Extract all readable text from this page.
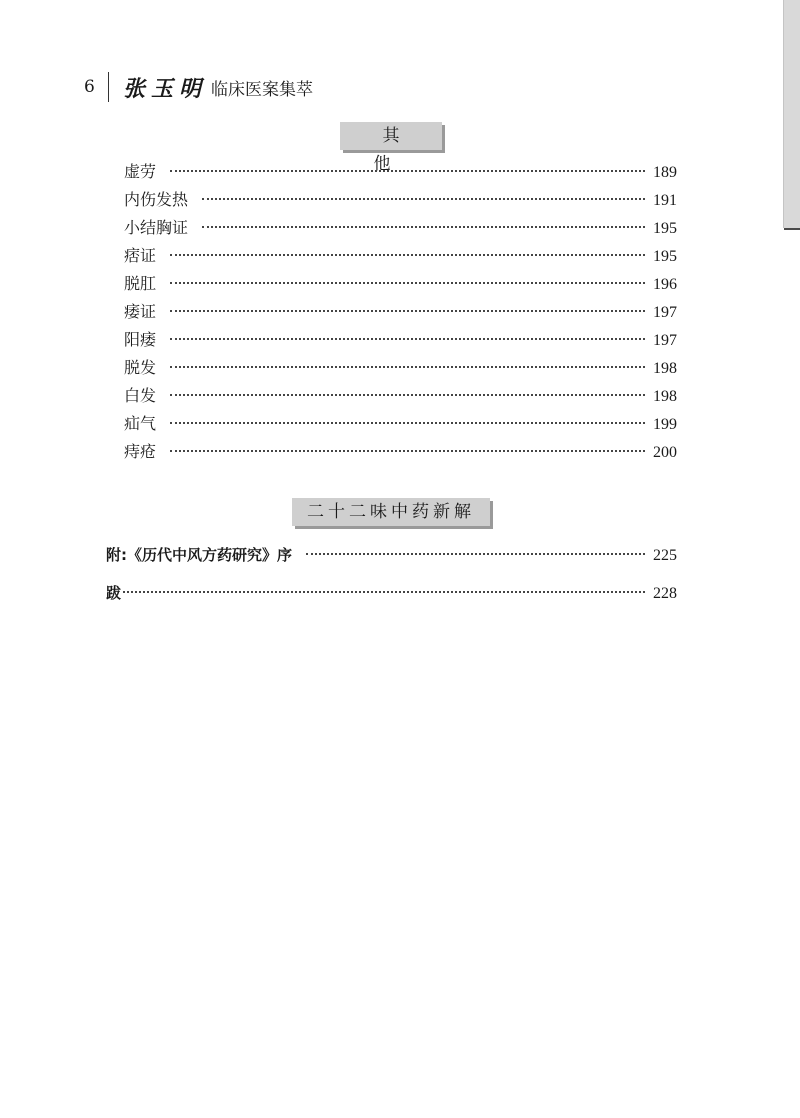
6	张玉明 临床医案集萃
其 他
虚劳	189
内伤发热	191
小结胸证	195
痞证	195
脱肛	196
痿证	197
阳痿	197
脱发	198
白发	198
疝气	199
痔疮	200
二十二味中药新解
附:《历代中风方药研究》序	225
跋	228
